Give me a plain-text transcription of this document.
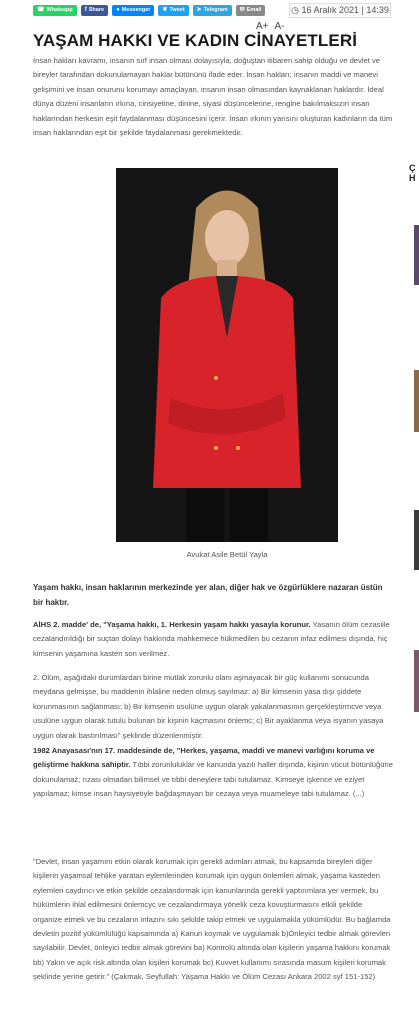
☎ Whatsapp f Share ● Messenger ❦ Tweet ➤ Telegram ✉ Email	◷ 16 Aralık 2021 | 14:39
A+ A-
YAŞAM HAKKI VE KADIN CİNAYETLERİ

İnsan hakları kavramı, insanın sırf insan olması dolayısıyla, doğuştan itibaren sahip olduğu ve devlet ve bireyler tarafından dokunulamayan haklar bütününü ifade eder. İnsan hakları; insanın maddi ve manevi gelişimini ve insan onurunu korumayı amaçlayan, insanın insan olmasından kaynaklanan haklardır. İdeal dünya düzeni insanların ırkına, cinsiyetine, dinine, siyasi düşüncelerine, rengine bakılmaksızın insan haklarından herkesin eşit faydalanması düşüncesini içerir. İnsan ırkının yarısını oluşturan kadınların da tüm insan haklarından eşit bir şekilde faydalanması gerekmektedir.

Avukat Asile Betül Yayla

Yaşam hakkı, insan haklarının merkezinde yer alan, diğer hak ve özgürlüklere nazaran üstün bir haktır.

AİHS 2. madde' de, "Yaşama hakkı, 1. Herkesin yaşam hakkı yasayla korunur. Yasanın ölüm cezasiile cezalandırıldığı bir suçtan dolayı hakkında mahkemece hükmedilen bu cezanın infaz edilmesi dışında, hiç kimsenin yaşamına kasten son verilmez.

2. Ölüm, aşağıdaki durumlardan birine mutlak zorunlu olanı aşmayacak bir güç kullanımı sonucunda meydana gelmişse, bu maddenin ihlaline neden olmuş sayılmaz: a) Bir kimsenin yasa dışı şiddete korunmasının sağlanması; b) Bir kimsenin usulüne uygun olarak yakalanmasının gerçekleştirmcve veya usulüne uygun olarak tutulu bulunan bir kişinin kaçmasını önlemc; c) Bir ayaklanma veya isyanın yasaya uygun olarak bastırılması" şeklinde düzenlenmiştir.

1982 Anayasası'nın 17. maddesinde de, "Herkes, yaşama, maddi ve manevi varlığını koruma ve geliştirme hakkına sahiptir. Tıbbi zorunluluklar ve kanunda yazılı haller dışında, kişinin vücut bütünlüğüne dokunulamaz; rızası olmadan bilimsel ve tıbbi deneylere tabi tutulamaz. Kimseye işkence ve eziyet yapılamaz; kimse insan haysiyetiyle bağdaşmayan bir cezaya veya muameleye tabi tutulamaz. (...)

"Devlet, insan yaşamını etkin olarak korumak için gerekli adımları atmak, bu kapsamda bireyleri diğer kişilerin yaşamsal tehlike yaratan eylemlerinden korumak için uygun önlemleri almak, yaşama kasteden eylemleri caydırıcı ve etkin şekilde cezalandırmak için kanunlarında gerekli yaptırımlara yer vermek, bu hükümlerin ihlal edilmesini önlemcyc ve cezalandırmaya yönelik ceza kovuşturmasını etkili şekilde organize etmek ve bu cezaların infazını sıkı şekilde takip etmek ve uygulamakla yükümlüdür. Bu bağlamda devletin pozitif yükümlülüğü kapsamında a) Kanun koymak ve uygulamak b)Önleyici tedbir almak görevleri sayılabilir. Devlet, önleyici tedbir almak görevini ba) Kontrolü altında olan kişilerin yaşama hakkını korumak bb) Yakın ve açık risk altında olan kişileri korumak bc) Kuvvet kullanımı sırasında masum kişileri korumak şeklinde yerine getirir." (Çakmak, Seyfullah: Yaşama Hakkı ve Ölüm Cezası Ankara 2002 syf 151-152)

Ç
H
